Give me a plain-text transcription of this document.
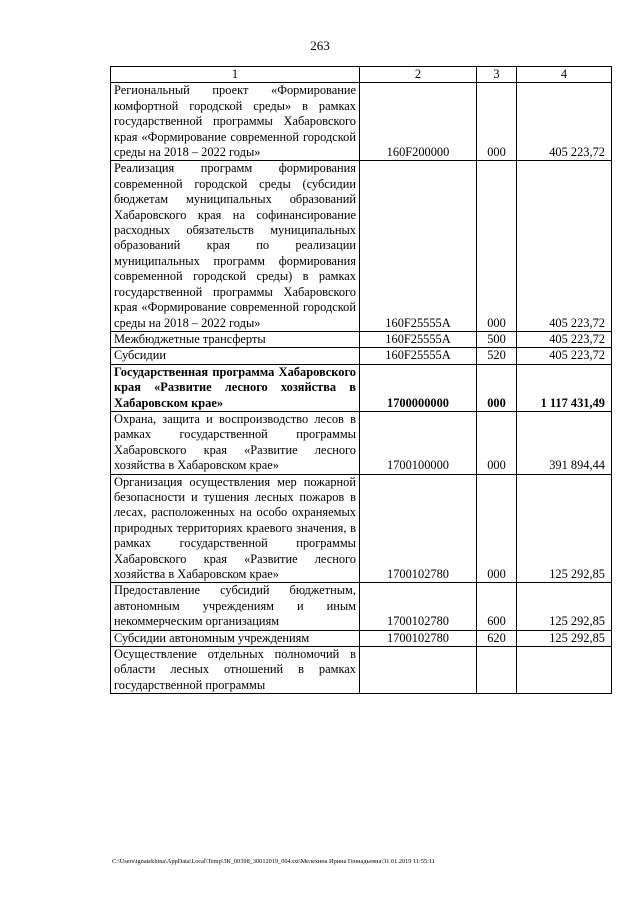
263
1	2	3	4
Региональный проект «Формирование комфортной городской среды» в рамках государственной программы Хабаровского края «Формирование современной городской среды на 2018 – 2022 годы»	160F200000	000	405 223,72
Реализация программ формирования современной городской среды (субсидии бюджетам муниципальных образований Хабаровского края на софинансирование расходных обязательств муниципальных образований края по реализации муниципальных программ формирования современной городской среды) в рамках государственной программы Хабаровского края «Формирование современной городской среды на 2018 – 2022 годы»	160F25555А	000	405 223,72
Межбюджетные трансферты	160F25555А	500	405 223,72
Субсидии	160F25555А	520	405 223,72
Государственная программа Хабаровского края «Развитие лесного хозяйства в Хабаровском крае»	1700000000	000	1 117 431,49
Охрана, защита и воспроизводство лесов в рамках государственной программы Хабаровского края «Развитие лесного хозяйства в Хабаровском крае»	1700100000	000	391 894,44
Организация осуществления мер пожарной безопасности и тушения лесных пожаров в лесах, расположенных на особо охраняемых природных территориях краевого значения, в рамках государственной программы Хабаровского края «Развитие лесного хозяйства в Хабаровском крае»	1700102780	000	125 292,85
Предоставление субсидий бюджетным, автономным учреждениям и иным некоммерческим организациям	1700102780	600	125 292,85
Субсидии автономным учреждениям	1700102780	620	125 292,85
Осуществление отдельных полномочий в области лесных отношений в рамках государственной программы			
C:\Users\ignatekhina\AppData\Local\Temp\ЗК_00398_30012019_004.txt\Мелехина Ирина Геннадьевна\31.01.2019 11:55:11
